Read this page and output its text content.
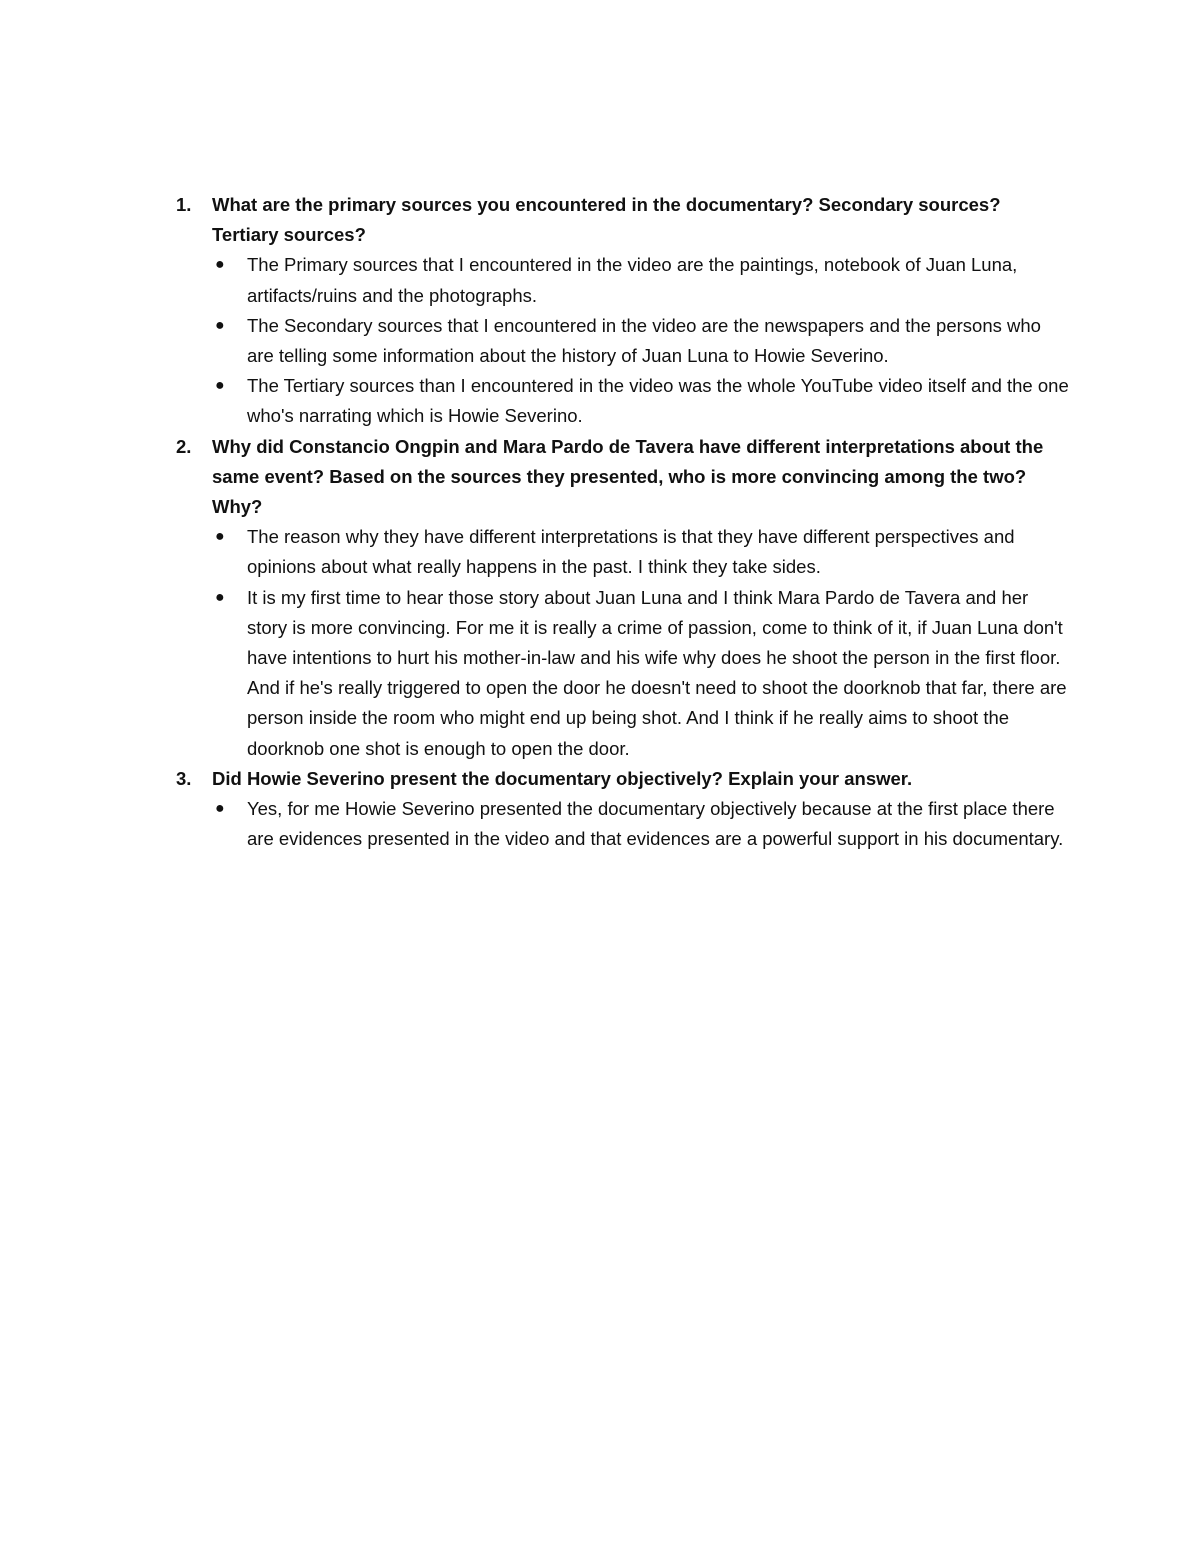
1. What are the primary sources you encountered in the documentary? Secondary sources? Tertiary sources?
● The Primary sources that I encountered in the video are the paintings, notebook of Juan Luna, artifacts/ruins and the photographs.
● The Secondary sources that I encountered in the video are the newspapers and the persons who are telling some information about the history of Juan Luna to Howie Severino.
● The Tertiary sources than I encountered in the video was the whole YouTube video itself and the one who's narrating which is Howie Severino.
2. Why did Constancio Ongpin and Mara Pardo de Tavera have different interpretations about the same event? Based on the sources they presented, who is more convincing among the two? Why?
● The reason why they have different interpretations is that they have different perspectives and opinions about what really happens in the past. I think they take sides.
● It is my first time to hear those story about Juan Luna and I think Mara Pardo de Tavera and her story is more convincing. For me it is really a crime of passion, come to think of it, if Juan Luna don't have intentions to hurt his mother-in-law and his wife why does he shoot the person in the first floor. And if he's really triggered to open the door he doesn't need to shoot the doorknob that far, there are person inside the room who might end up being shot. And I think if he really aims to shoot the doorknob one shot is enough to open the door.
3. Did Howie Severino present the documentary objectively? Explain your answer.
● Yes, for me Howie Severino presented the documentary objectively because at the first place there are evidences presented in the video and that evidences are a powerful support in his documentary.
